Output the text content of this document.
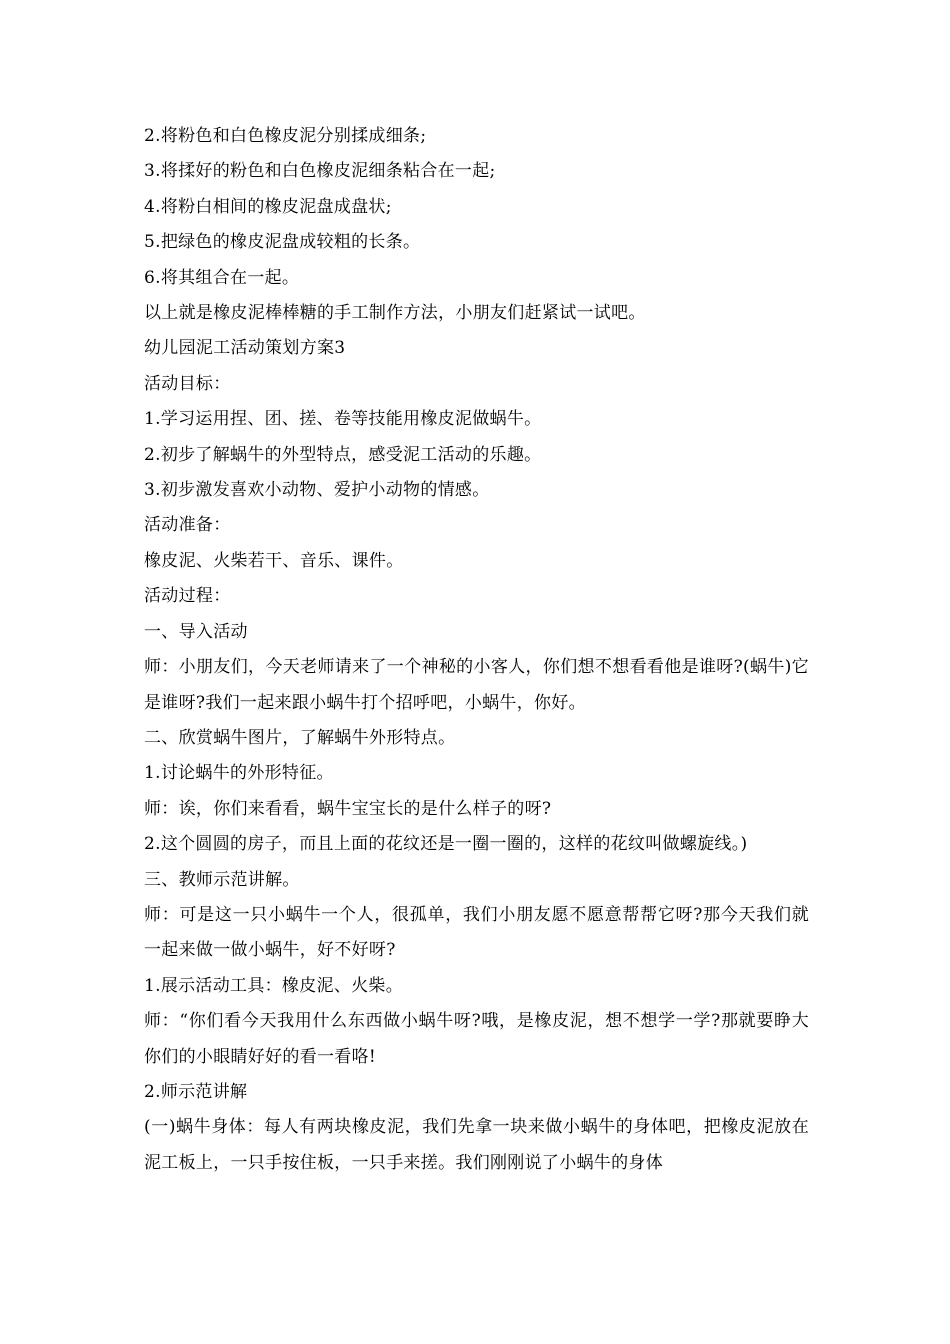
2.将粉色和白色橡皮泥分别揉成细条;
3.将揉好的粉色和白色橡皮泥细条粘合在一起;
4.将粉白相间的橡皮泥盘成盘状;
5.把绿色的橡皮泥盘成较粗的长条。
6.将其组合在一起。
以上就是橡皮泥棒棒糖的手工制作方法，小朋友们赶紧试一试吧。
幼儿园泥工活动策划方案3
活动目标：
1.学习运用捏、团、搓、卷等技能用橡皮泥做蜗牛。
2.初步了解蜗牛的外型特点，感受泥工活动的乐趣。
3.初步激发喜欢小动物、爱护小动物的情感。
活动准备：
橡皮泥、火柴若干、音乐、课件。
活动过程：
一、导入活动
师：小朋友们，今天老师请来了一个神秘的小客人，你们想不想看看他是谁呀?(蜗牛)它是谁呀?我们一起来跟小蜗牛打个招呼吧，小蜗牛，你好。
二、欣赏蜗牛图片，了解蜗牛外形特点。
1.讨论蜗牛的外形特征。
师：诶，你们来看看，蜗牛宝宝长的是什么样子的呀?
2.这个圆圆的房子，而且上面的花纹还是一圈一圈的，这样的花纹叫做螺旋线。)
三、教师示范讲解。
师：可是这一只小蜗牛一个人，很孤单，我们小朋友愿不愿意帮帮它呀?那今天我们就一起来做一做小蜗牛，好不好呀?
1.展示活动工具：橡皮泥、火柴。
师：“你们看今天我用什么东西做小蜗牛呀?哦，是橡皮泥，想不想学一学?那就要睁大你们的小眼睛好好的看一看咯!
2.师示范讲解
(一)蜗牛身体：每人有两块橡皮泥，我们先拿一块来做小蜗牛的身体吧，把橡皮泥放在泥工板上，一只手按住板，一只手来搓。我们刚刚说了小蜗牛的身体
